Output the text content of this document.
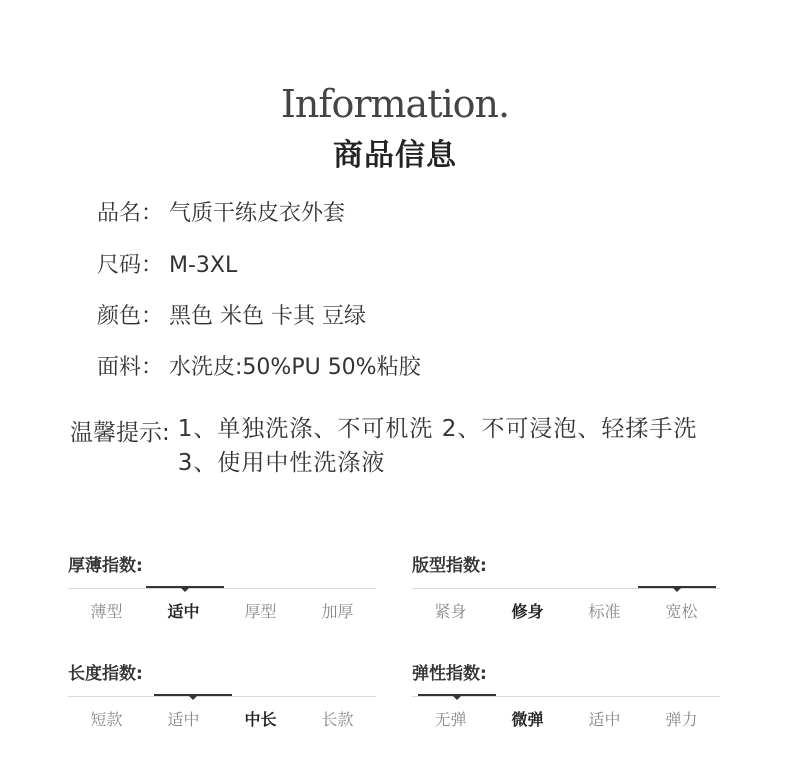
Information.
商品信息
品名： 气质干练皮衣外套
尺码： M-3XL
颜色： 黑色 米色 卡其 豆绿
面料： 水洗皮:50%PU 50%粘胶
温馨提示: 1、单独洗涤、不可机洗 2、不可浸泡、轻揉手洗 3、使用中性洗涤液
厚薄指数:
薄型	适中	厚型	加厚
版型指数:
紧身	修身	标准	宽松
长度指数:
短款	适中	中长	长款
弹性指数:
无弹	微弹	适中	弹力
